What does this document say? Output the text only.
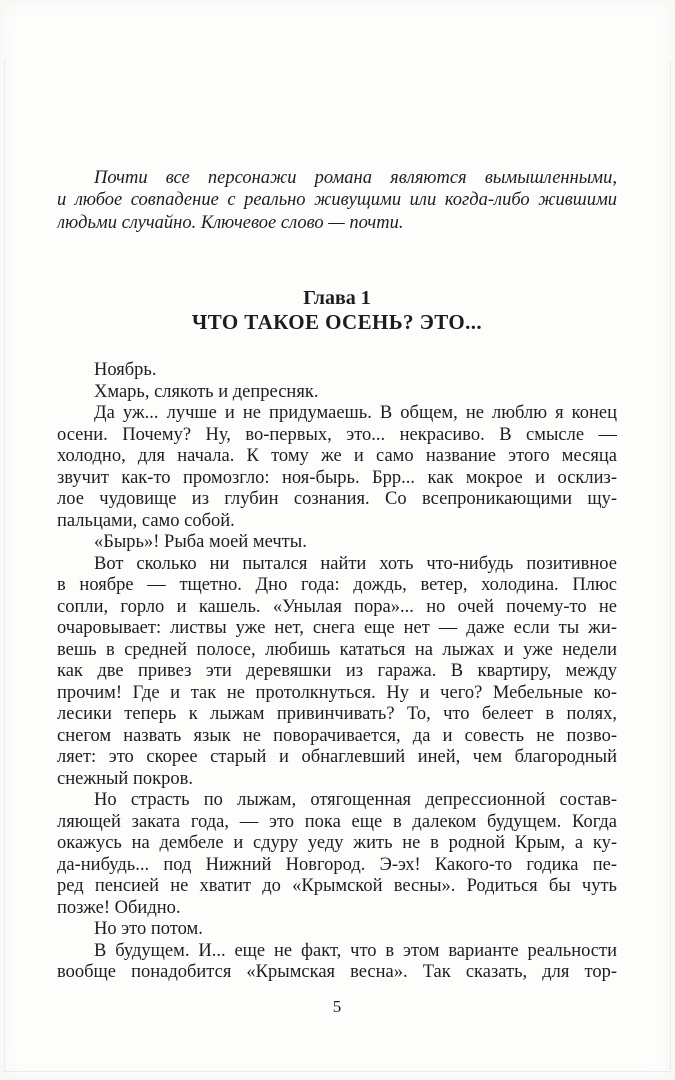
Почти все персонажи романа являются вымышленными,
и любое совпадение с реально живущими или когда-либо жившими
людьми случайно. Ключевое слово — почти.
Глава 1
ЧТО ТАКОЕ ОСЕНЬ? ЭТО...
Ноябрь.
Хмарь, слякоть и депресняк.
Да уж... лучше и не придумаешь. В общем, не люблю я конец
осени. Почему? Ну, во-первых, это... некрасиво. В смысле —
холодно, для начала. К тому же и само название этого месяца
звучит как-то промозгло: ноя-бырь. Брр... как мокрое и осклиз-
лое чудовище из глубин сознания. Со всепроникающими щу-
пальцами, само собой.
«Бырь»! Рыба моей мечты.
Вот сколько ни пытался найти хоть что-нибудь позитивное
в ноябре — тщетно. Дно года: дождь, ветер, холодина. Плюс
сопли, горло и кашель. «Унылая пора»... но очей почему-то не
очаровывает: листвы уже нет, снега еще нет — даже если ты жи-
вешь в средней полосе, любишь кататься на лыжах и уже недели
как две привез эти деревяшки из гаража. В квартиру, между
прочим! Где и так не протолкнуться. Ну и чего? Мебельные ко-
лесики теперь к лыжам привинчивать? То, что белеет в полях,
снегом назвать язык не поворачивается, да и совесть не позво-
ляет: это скорее старый и обнаглевший иней, чем благородный
снежный покров.
Но страсть по лыжам, отягощенная депрессионной состав-
ляющей заката года, — это пока еще в далеком будущем. Когда
окажусь на дембеле и сдуру уеду жить не в родной Крым, а ку-
да-нибудь... под Нижний Новгород. Э-эх! Какого-то годика пе-
ред пенсией не хватит до «Крымской весны». Родиться бы чуть
позже! Обидно.
Но это потом.
В будущем. И... еще не факт, что в этом варианте реальности
вообще понадобится «Крымская весна». Так сказать, для тор-
5
